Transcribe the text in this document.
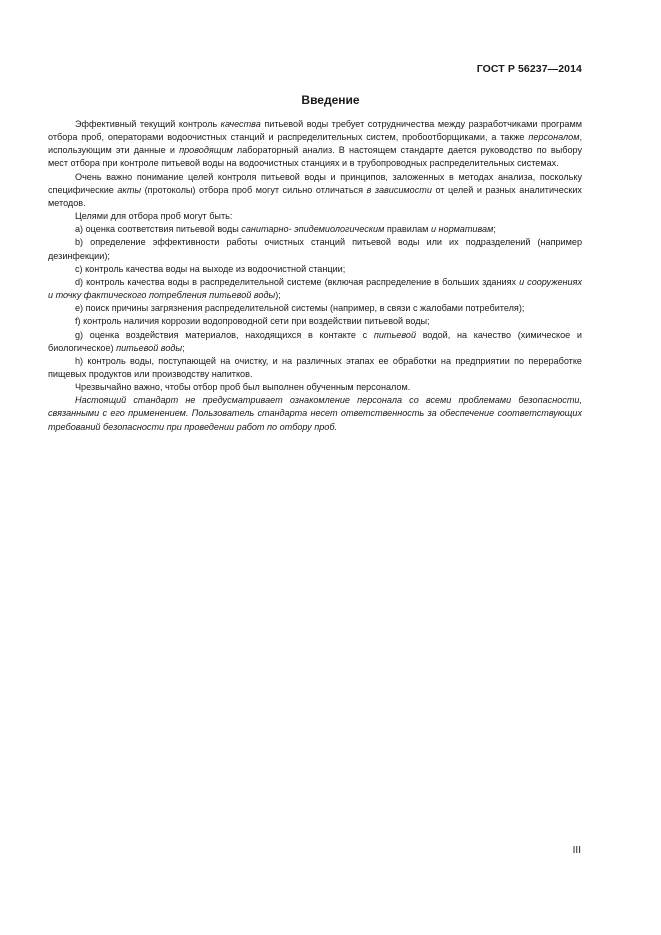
ГОСТ Р 56237—2014
Введение

Эффективный текущий контроль качества питьевой воды требует сотрудничества между разработчиками программ отбора проб, операторами водоочистных станций и распределительных систем, пробоотборщиками, а также персоналом, использующим эти данные и проводящим лабораторный анализ. В настоящем стандарте дается руководство по выбору мест отбора при контроле питьевой воды на водоочистных станциях и в трубопроводных распределительных системах.

Очень важно понимание целей контроля питьевой воды и принципов, заложенных в методах анализа, поскольку специфические акты (протоколы) отбора проб могут сильно отличаться в зависимости от целей и разных аналитических методов.

Целями для отбора проб могут быть:

a) оценка соответствия питьевой воды санитарно- эпидемиологическим правилам и нормативам;

b) определение эффективности работы очистных станций питьевой воды или их подразделений (например дезинфекции);

c) контроль качества воды на выходе из водоочистной станции;

d) контроль качества воды в распределительной системе (включая распределение в больших зданиях и сооружениях и точку фактического потребления питьевой воды);

e) поиск причины загрязнения распределительной системы (например, в связи с жалобами потребителя);

f) контроль наличия коррозии водопроводной сети при воздействии питьевой воды;

g) оценка воздействия материалов, находящихся в контакте с питьевой водой, на качество (химическое и биологическое) питьевой воды;

h) контроль воды, поступающей на очистку, и на различных этапах ее обработки на предприятии по переработке пищевых продуктов или производству напитков.

Чрезвычайно важно, чтобы отбор проб был выполнен обученным персоналом.

Настоящий стандарт не предусматривает ознакомление персонала со всеми проблемами безопасности, связанными с его применением. Пользователь стандарта несет ответственность за обеспечение соответствующих требований безопасности при проведении работ по отбору проб.

III
